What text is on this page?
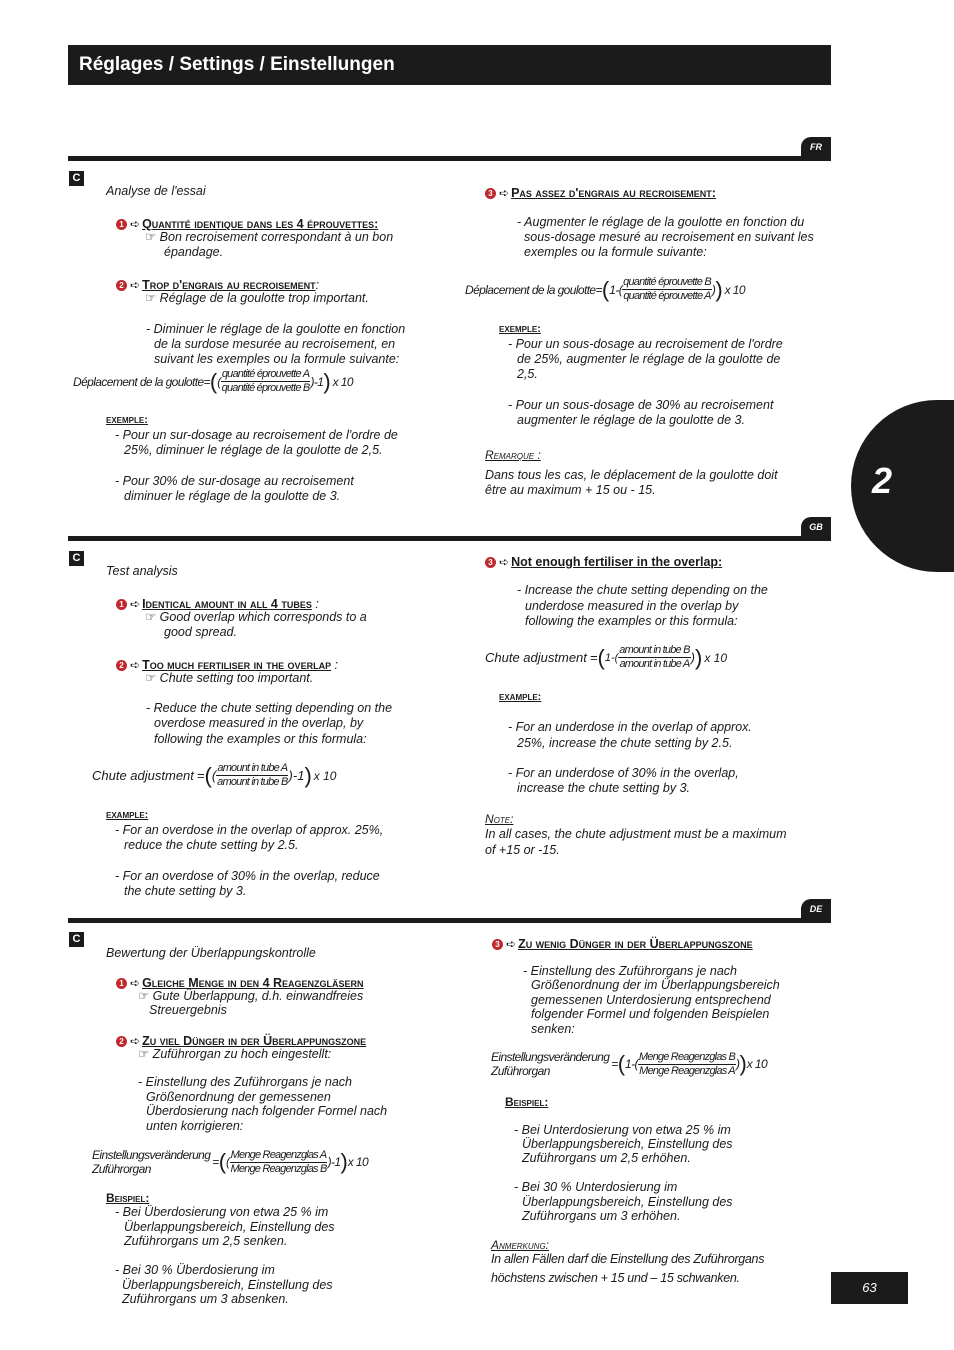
Réglages / Settings / Einstellungen
2
FR
C
Analyse de l'essai
1 ➪ Quantité identique dans les 4 éprouvettes:
☞ Bon recroisement correspondant à un bon
épandage.
2 ➪ Trop d'engrais au recroisement:
☞ Réglage de la goulotte trop important.
- Diminuer le réglage de la goulotte en fonction
de la surdose mesurée au recroisement, en
suivant les exemples ou la formule suivante:
Déplacement de la goulotte = ( ( $\frac{\text{quantité éprouvette A}}{\text{quantité éprouvette B}} )-1$ ) x 10
exemple:
- Pour un sur-dosage au recroisement de l'ordre de
25%, diminuer le réglage de la goulotte de 2,5.
- Pour 30% de sur-dosage au recroisement
diminuer le réglage de la goulotte de 3.
3 ➪ Pas assez d'engrais au recroisement:
- Augmenter le réglage de la goulotte en fonction du
sous-dosage mesuré au recroisement en suivant les
exemples ou la formule suivante:
Déplacement de la goulotte = ( $1-( \frac{\text{quantité éprouvette B}}{\text{quantité éprouvette A}}$ ) ) x 10
exemple:
- Pour un sous-dosage au recroisement de l'ordre
de 25%, augmenter le réglage de la goulotte de
2,5.
- Pour un sous-dosage de 30% au recroisement
augmenter le réglage de la goulotte de 3.
Remarque :
Dans tous les cas, le déplacement de la goulotte doit
être au maximum + 15 ou - 15.
GB
C
Test analysis
1 ➪ Identical amount in all 4 tubes :
☞ Good overlap which corresponds to a
good spread.
2 ➪ Too much fertiliser in the overlap :
☞ Chute setting too important.
- Reduce the chute setting depending on the
overdose measured in the overlap, by
following the examples or this formula:
Chute adjustment = ( ( $\frac{\text{amount in tube A}}{\text{amount in tube B}} )-1$ ) x 10
example:
- For an overdose in the overlap of approx. 25%,
reduce the chute setting by 2.5.
- For an overdose of 30% in the overlap, reduce
the chute setting by 3.
3 ➪ Not enough fertiliser in the overlap:
- Increase the chute setting depending on the
underdose measured in the overlap by
following the examples or this formula:
Chute adjustment = ( $1-( \frac{\text{amount in tube B}}{\text{amount in tube A}}$ ) ) x 10
example:
- For an underdose in the overlap of approx.
25%, increase the chute setting by 2.5.
- For an underdose of 30% in the overlap,
increase the chute setting by 3.
Note:
In all cases, the chute adjustment must be a maximum
of +15 or -15.
DE
C
Bewertung der Überlappungskontrolle
1 ➪ Gleiche Menge in den 4 Reagenzgläsern
☞ Gute Überlappung, d.h. einwandfreies
Streuergebnis
2 ➪ Zu viel Dünger in der Überlappungszone
☞ Zuführorgan zu hoch eingestellt:
- Einstellung des Zuführorgans je nach
Größenordnung der gemessenen
Überdosierung nach folgender Formel nach
unten korrigieren:
Einstellungsveränderung
Zuführorgan	= ( ( $\frac{\text{Menge Reagenzglas A}}{\text{Menge Reagenzglas B}} )-1$ ) x 10
Beispiel:
- Bei Überdosierung von etwa 25 % im
Überlappungsbereich, Einstellung des
Zuführorgans um 2,5 senken.
- Bei 30 % Überdosierung im
Überlappungsbereich, Einstellung des
Zuführorgans um 3 absenken.
3 ➪ Zu wenig Dünger in der Überlappungszone
- Einstellung des Zuführorgans je nach
Größenordnung der im Überlappungsbereich
gemessenen Unterdosierung entsprechend
folgender Formel und folgenden Beispielen
senken:
Einstellungsveränderung
Zuführorgan	= ( $1-( \frac{\text{Menge Reagenzglas B}}{\text{Menge Reagenzglas A}}$ ) ) x 10
Beispiel:
- Bei Unterdosierung von etwa 25 % im
Überlappungsbereich, Einstellung des
Zuführorgans um 2,5 erhöhen.
- Bei 30 % Unterdosierung im
Überlappungsbereich, Einstellung des
Zuführorgans um 3 erhöhen.
Anmerkung:
In allen Fällen darf die Einstellung des Zuführorgans
höchstens zwischen + 15 und – 15 schwanken.
63
